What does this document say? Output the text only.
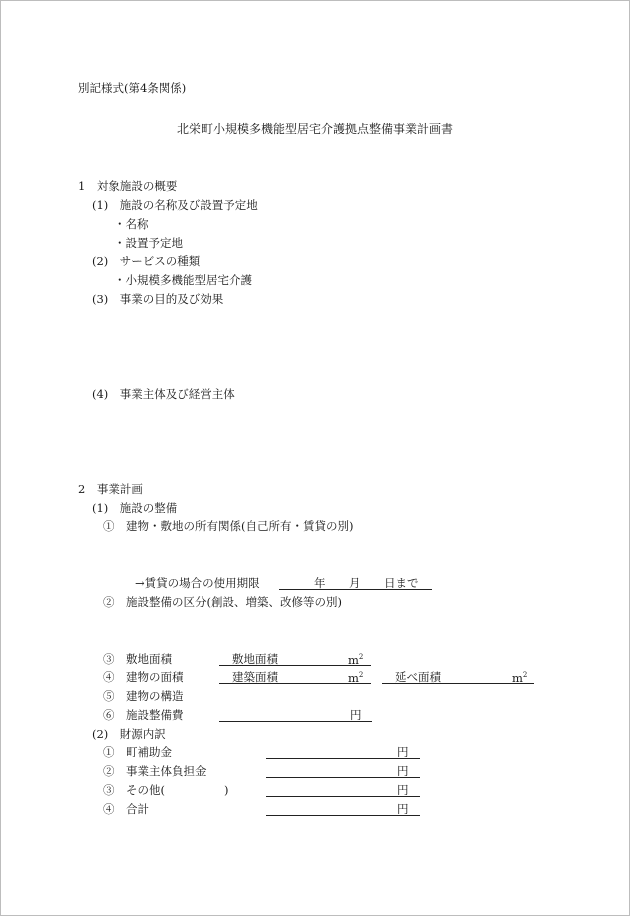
別記様式(第4条関係)
北栄町小規模多機能型居宅介護拠点整備事業計画書
1　対象施設の概要
(1)　施設の名称及び設置予定地
・名称
・設置予定地
(2)　サービスの種類
・小規模多機能型居宅介護
(3)　事業の目的及び効果
(4)　事業主体及び経営主体
2　事業計画
(1)　施設の整備
①　建物・敷地の所有関係(自己所有・賃貸の別)
→賃貸の場合の使用期限	年 月 日まで
②　施設整備の区分(創設、増築、改修等の別)
③　敷地面積	敷地面積	$m^2$
④　建物の面積	建築面積	$m^2$	延べ面積	$m^2$
⑤　建物の構造
⑥　施設整備費	円
(2)　財源内訳
①　町補助金	円
②　事業主体負担金	円
③　その他(	)	円
④　合計	円
